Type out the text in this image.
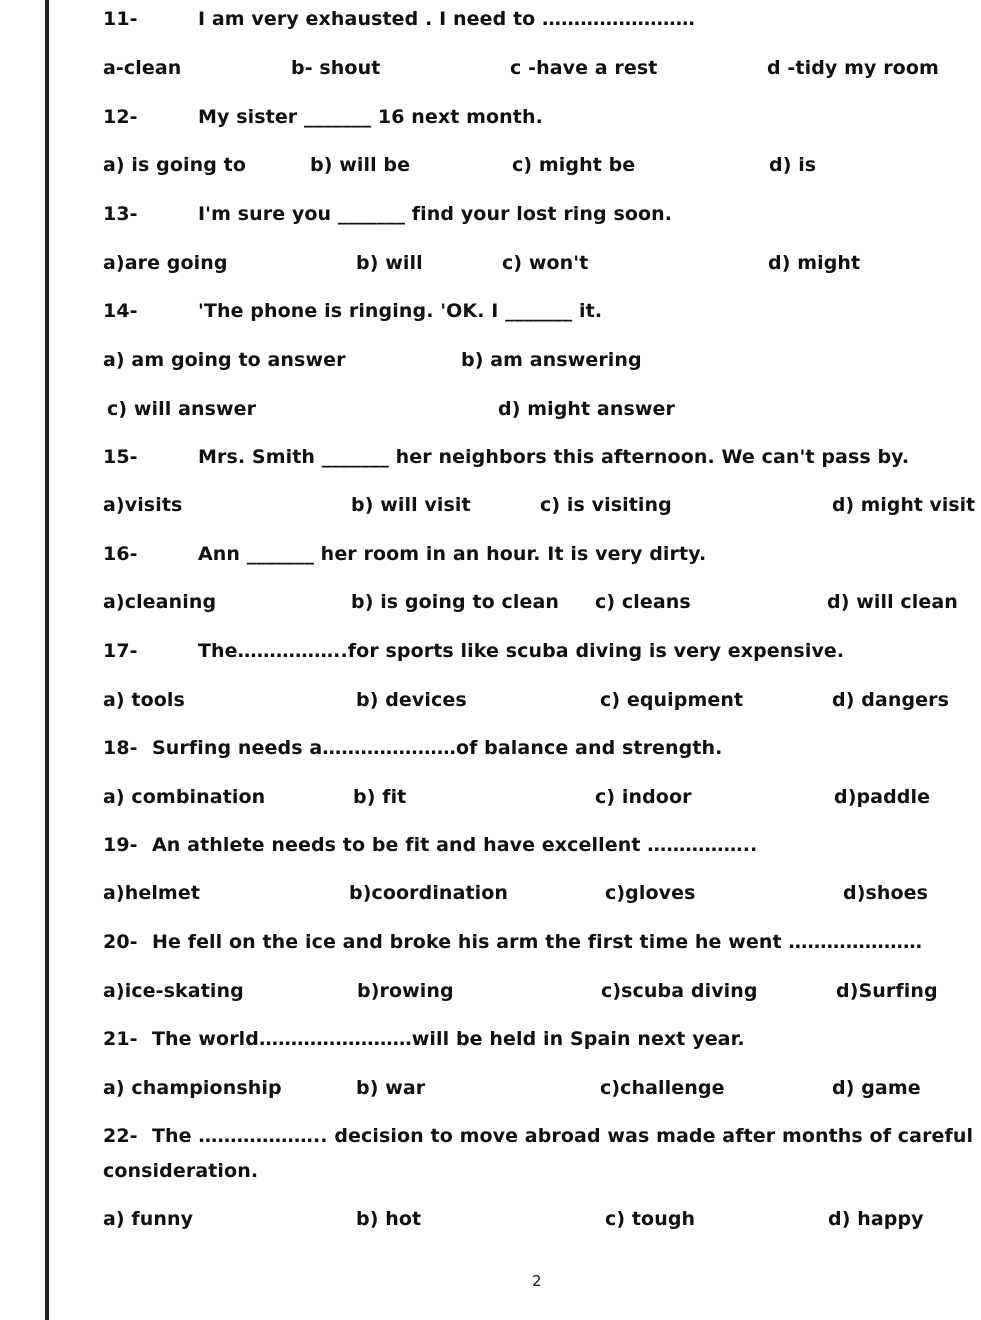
11-	I am very exhausted . I need to ……………………
a-clean	b- shout	c -have a rest	d -tidy my room
12-	My sister _______ 16 next month.
a) is going to	b) will be	c) might be	d) is
13-	I'm sure you _______ find your lost ring soon.
a)are going	b) will	c) won't	d) might
14-	'The phone is ringing. 'OK. I _______ it.
a) am going to answer	b) am answering
c) will answer	d) might answer
15-	Mrs. Smith _______ her neighbors this afternoon. We can't pass by.
a)visits	b) will visit	c) is visiting	d) might visit
16-	Ann _______ her room in an hour. It is very dirty.
a)cleaning	b) is going to clean c) cleans	d) will clean
17-	The……………..for sports like scuba diving is very expensive.
a) tools	b) devices	c) equipment	d) dangers
18- Surfing needs a…………………of balance and strength.
a) combination	b) fit	c) indoor	d)paddle
19- An athlete needs to be fit and have excellent ……………..
a)helmet	b)coordination	c)gloves	d)shoes
20- He fell on the ice and broke his arm the first time he went …………………
a)ice-skating	b)rowing	c)scuba diving	d)Surfing
21- The world……………………will be held in Spain next year.
a) championship	b) war	c)challenge	d) game
22- The ……………….. decision to move abroad was made after months of careful
consideration.
a) funny	b) hot	c) tough	d) happy
2
